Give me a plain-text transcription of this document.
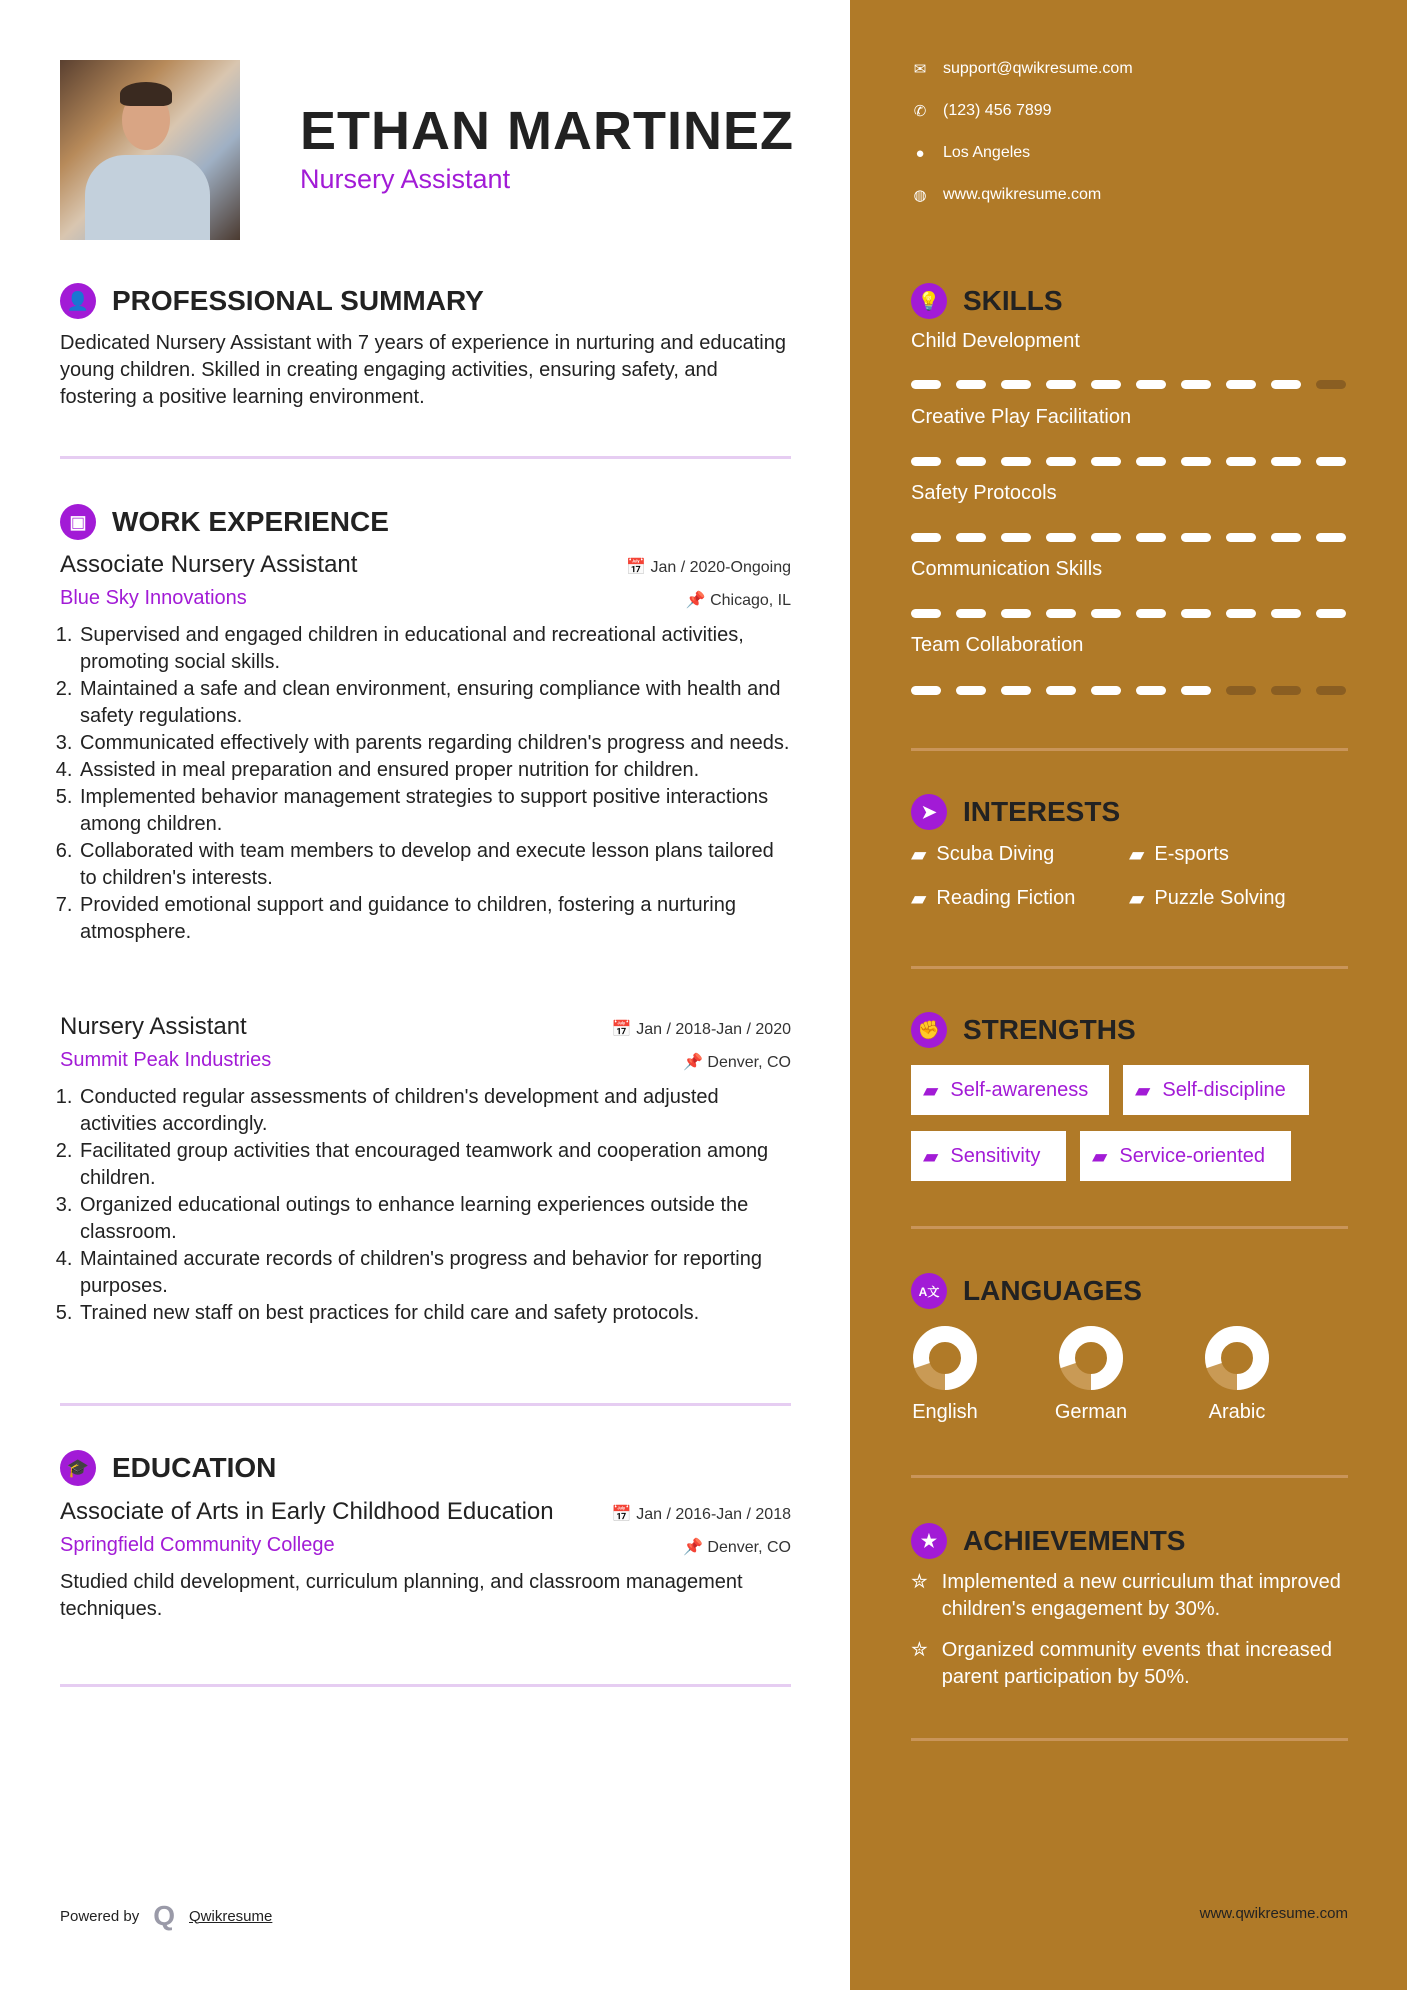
ETHAN MARTINEZ
Nursery Assistant
👤 PROFESSIONAL SUMMARY
Dedicated Nursery Assistant with 7 years of experience in nurturing and educating young children. Skilled in creating engaging activities, ensuring safety, and fostering a positive learning environment.
▣ WORK EXPERIENCE
Associate Nursery Assistant
Blue Sky Innovations
📅 Jan / 2020-Ongoing
📌 Chicago, IL
1. Supervised and engaged children in educational and recreational activities, promoting social skills.
2. Maintained a safe and clean environment, ensuring compliance with health and safety regulations.
3. Communicated effectively with parents regarding children's progress and needs.
4. Assisted in meal preparation and ensured proper nutrition for children.
5. Implemented behavior management strategies to support positive interactions among children.
6. Collaborated with team members to develop and execute lesson plans tailored to children's interests.
7. Provided emotional support and guidance to children, fostering a nurturing atmosphere.
Nursery Assistant
Summit Peak Industries
📅 Jan / 2018-Jan / 2020
📌 Denver, CO
1. Conducted regular assessments of children's development and adjusted activities accordingly.
2. Facilitated group activities that encouraged teamwork and cooperation among children.
3. Organized educational outings to enhance learning experiences outside the classroom.
4. Maintained accurate records of children's progress and behavior for reporting purposes.
5. Trained new staff on best practices for child care and safety protocols.
🎓 EDUCATION
Associate of Arts in Early Childhood Education
Springfield Community College
📅 Jan / 2016-Jan / 2018
📌 Denver, CO
Studied child development, curriculum planning, and classroom management techniques.
Powered by Q Qwikresume	www.qwikresume.com
✉ support@qwikresume.com
✆ (123) 456 7899
● Los Angeles
◍ www.qwikresume.com
💡 SKILLS
Child Development
Creative Play Facilitation
Safety Protocols
Communication Skills
Team Collaboration
➤ INTERESTS
▰ Scuba Diving	▰ E-sports
▰ Reading Fiction	▰ Puzzle Solving
✊ STRENGTHS
▰ Self-awareness ▰ Self-discipline
▰ Sensitivity	▰ Service-oriented
A文 LANGUAGES
English	German	Arabic
★ ACHIEVEMENTS
✮ Implemented a new curriculum that improved children's engagement by 30%.
✮ Organized community events that increased parent participation by 50%.
